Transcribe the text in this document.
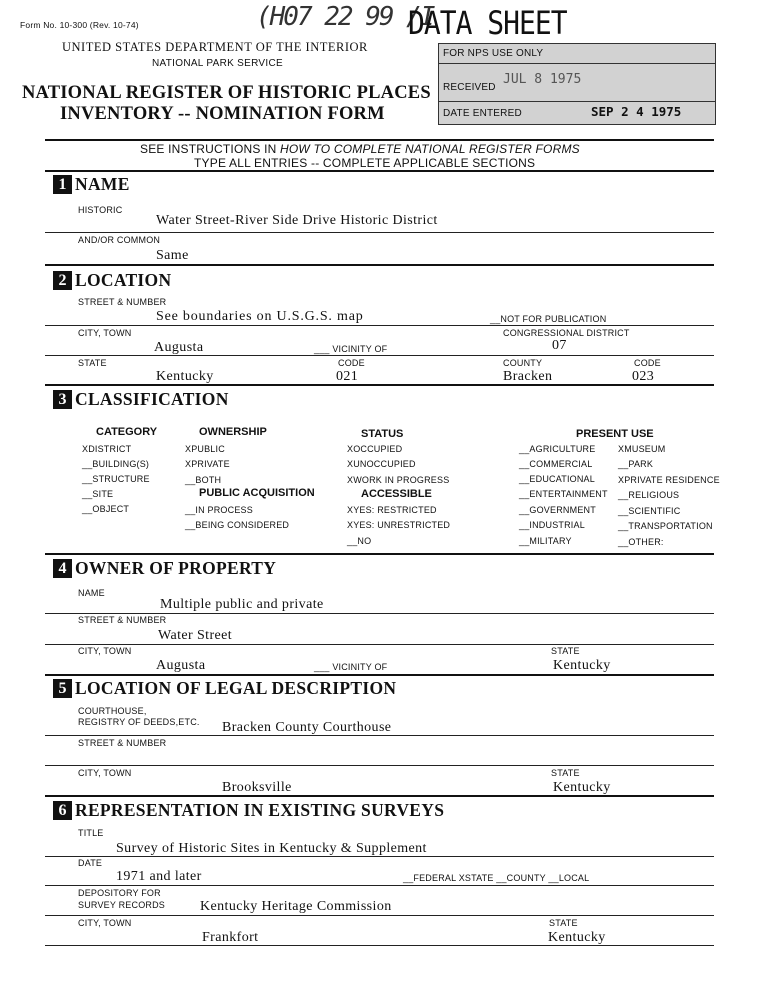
Form No. 10-300 (Rev. 10-74)	(H07 22 99 /I
DATA SHEET
UNITED STATES DEPARTMENT OF THE INTERIOR
NATIONAL PARK SERVICE
NATIONAL REGISTER OF HISTORIC PLACES
INVENTORY -- NOMINATION FORM
FOR NPS USE ONLY
RECEIVED
JUL 8 1975
DATE ENTERED	SEP 2 4 1975
SEE INSTRUCTIONS IN HOW TO COMPLETE NATIONAL REGISTER FORMS
TYPE ALL ENTRIES -- COMPLETE APPLICABLE SECTIONS
1 NAME
HISTORIC
Water Street-River Side Drive Historic District
AND/OR COMMON
Same
2 LOCATION
STREET & NUMBER
See boundaries on U.S.G.S. map	__NOT FOR PUBLICATION
CITY, TOWN	CONGRESSIONAL DISTRICT
Augusta	___ VICINITY OF	07
STATE	CODE	COUNTY	CODE
Kentucky	021	Bracken	023
3 CLASSIFICATION
CATEGORY
XDISTRICT
__BUILDING(S)
__STRUCTURE
__SITE
__OBJECT
OWNERSHIP
XPUBLIC
XPRIVATE
__BOTH
PUBLIC ACQUISITION
__IN PROCESS
__BEING CONSIDERED
STATUS
XOCCUPIED
XUNOCCUPIED
XWORK IN PROGRESS
ACCESSIBLE
XYES: RESTRICTED
XYES: UNRESTRICTED
__NO
PRESENT USE
__AGRICULTURE
__COMMERCIAL
__EDUCATIONAL
__ENTERTAINMENT
__GOVERNMENT
__INDUSTRIAL
__MILITARY
XMUSEUM
__PARK
XPRIVATE RESIDENCE
__RELIGIOUS
__SCIENTIFIC
__TRANSPORTATION
__OTHER:
4 OWNER OF PROPERTY
NAME
Multiple public and private
STREET & NUMBER
Water Street
CITY, TOWN	STATE
Augusta	___ VICINITY OF	Kentucky
5 LOCATION OF LEGAL DESCRIPTION
COURTHOUSE,
REGISTRY OF DEEDS,ETC. Bracken County Courthouse
STREET & NUMBER
CITY, TOWN	STATE
Brooksville	Kentucky
6 REPRESENTATION IN EXISTING SURVEYS
TITLE
Survey of Historic Sites in Kentucky & Supplement
DATE
1971 and later	__FEDERAL XSTATE __COUNTY __LOCAL
DEPOSITORY FOR
SURVEY RECORDS	Kentucky Heritage Commission
CITY, TOWN	STATE
Frankfort	Kentucky
